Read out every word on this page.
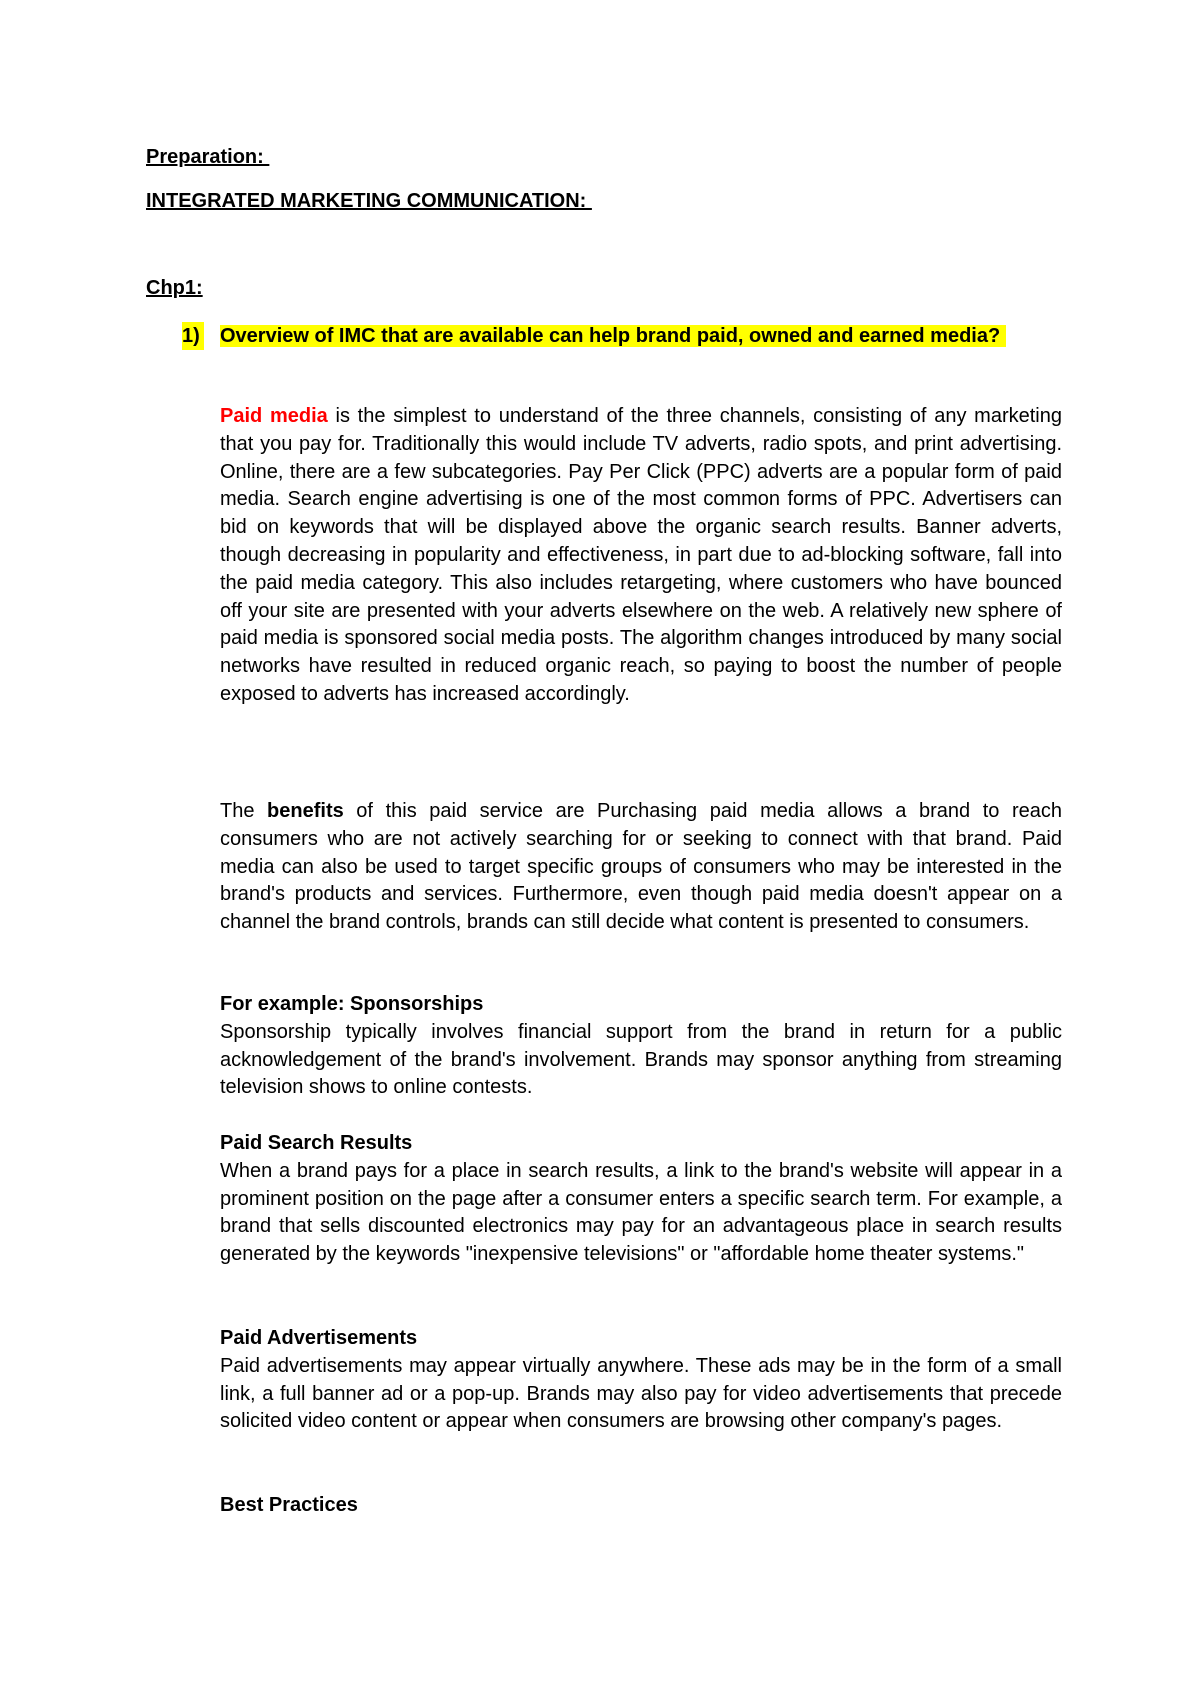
Preparation:

INTEGRATED MARKETING COMMUNICATION:

Chp1:

1) Overview of IMC that are available can help brand paid, owned and earned media?

Paid media is the simplest to understand of the three channels, consisting of any marketing that you pay for. Traditionally this would include TV adverts, radio spots, and print advertising. Online, there are a few subcategories. Pay Per Click (PPC) adverts are a popular form of paid media. Search engine advertising is one of the most common forms of PPC. Advertisers can bid on keywords that will be displayed above the organic search results. Banner adverts, though decreasing in popularity and effectiveness, in part due to ad-blocking software, fall into the paid media category. This also includes retargeting, where customers who have bounced off your site are presented with your adverts elsewhere on the web. A relatively new sphere of paid media is sponsored social media posts. The algorithm changes introduced by many social networks have resulted in reduced organic reach, so paying to boost the number of people exposed to adverts has increased accordingly.

The benefits of this paid service are Purchasing paid media allows a brand to reach consumers who are not actively searching for or seeking to connect with that brand. Paid media can also be used to target specific groups of consumers who may be interested in the brand's products and services. Furthermore, even though paid media doesn't appear on a channel the brand controls, brands can still decide what content is presented to consumers.

For example: Sponsorships
Sponsorship typically involves financial support from the brand in return for a public acknowledgement of the brand's involvement. Brands may sponsor anything from streaming television shows to online contests.

Paid Search Results
When a brand pays for a place in search results, a link to the brand's website will appear in a prominent position on the page after a consumer enters a specific search term. For example, a brand that sells discounted electronics may pay for an advantageous place in search results generated by the keywords "inexpensive televisions" or "affordable home theater systems."

Paid Advertisements
Paid advertisements may appear virtually anywhere. These ads may be in the form of a small link, a full banner ad or a pop-up. Brands may also pay for video advertisements that precede solicited video content or appear when consumers are browsing other company's pages.

Best Practices
